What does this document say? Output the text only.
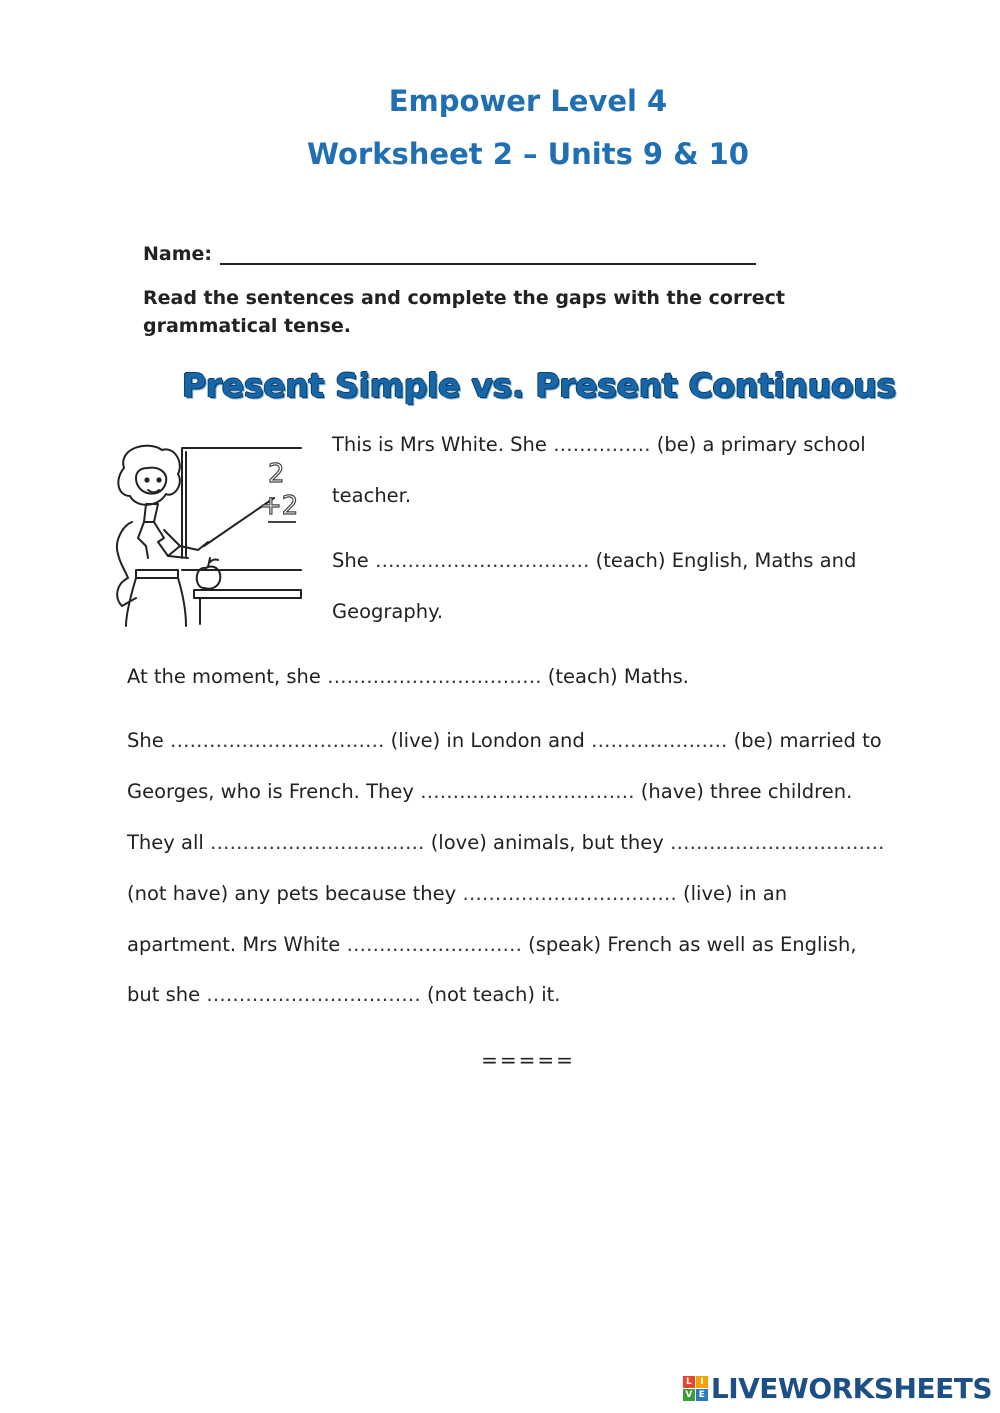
Empower Level 4
Worksheet 2 – Units 9 & 10
Name:
Read the sentences and complete the gaps with the correct grammatical tense.
Present Simple vs. Present Continuous
2
+2
This is Mrs White. She …………… (be) a primary school
teacher.
She …………………………… (teach) English, Maths and
Geography.
At the moment, she …………………………… (teach) Maths.
She …………………………… (live) in London and ………………… (be) married to
Georges, who is French. They …………………………… (have) three children.
They all …………………………… (love) animals, but they ……………………………
(not have) any pets because they …………………………… (live) in an
apartment. Mrs White ……………………… (speak) French as well as English,
but she …………………………… (not teach) it.
=====
L I
V E LIVEWORKSHEETS
